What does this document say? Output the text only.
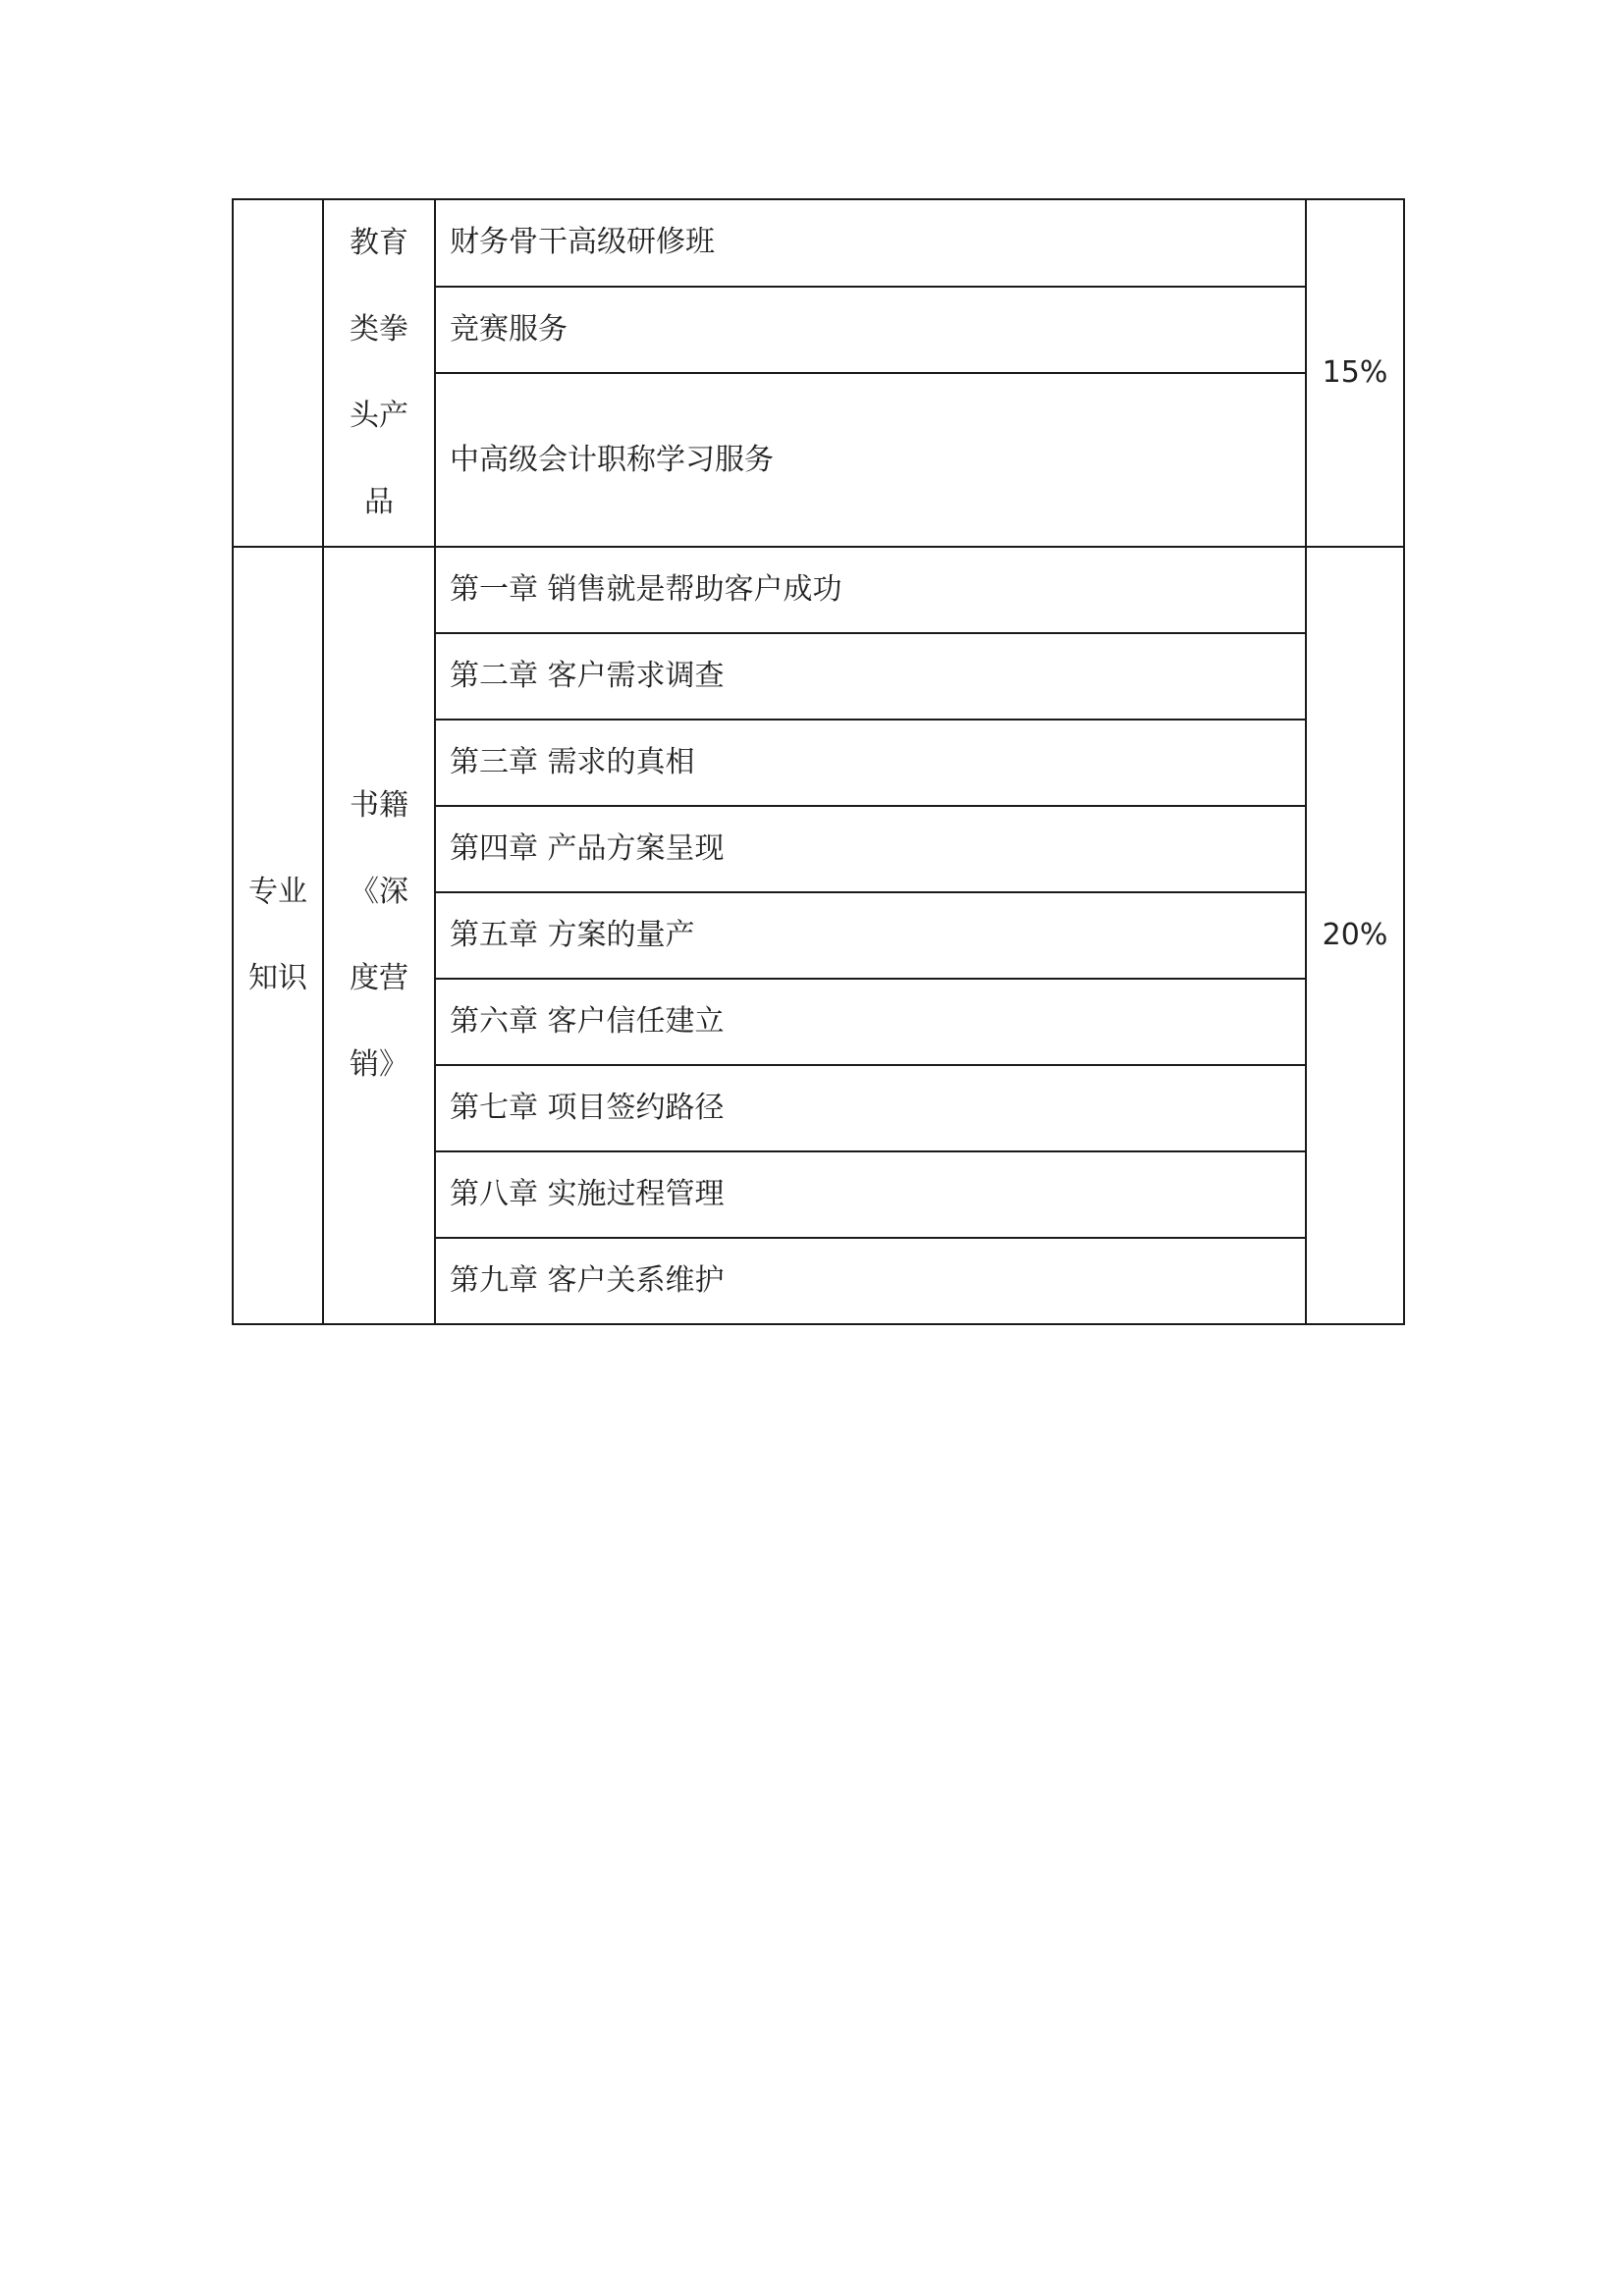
	教育
类拳
头产
品	财务骨干高级研修班	15%
		竞赛服务	
		中高级会计职称学习服务	

专业
知识	书籍
《深
度营
销》	第一章 销售就是帮助客户成功	20%
		第二章 客户需求调查	
		第三章 需求的真相	
		第四章 产品方案呈现	
		第五章 方案的量产	
		第六章 客户信任建立	
		第七章 项目签约路径	
		第八章 实施过程管理	
		第九章 客户关系维护	
